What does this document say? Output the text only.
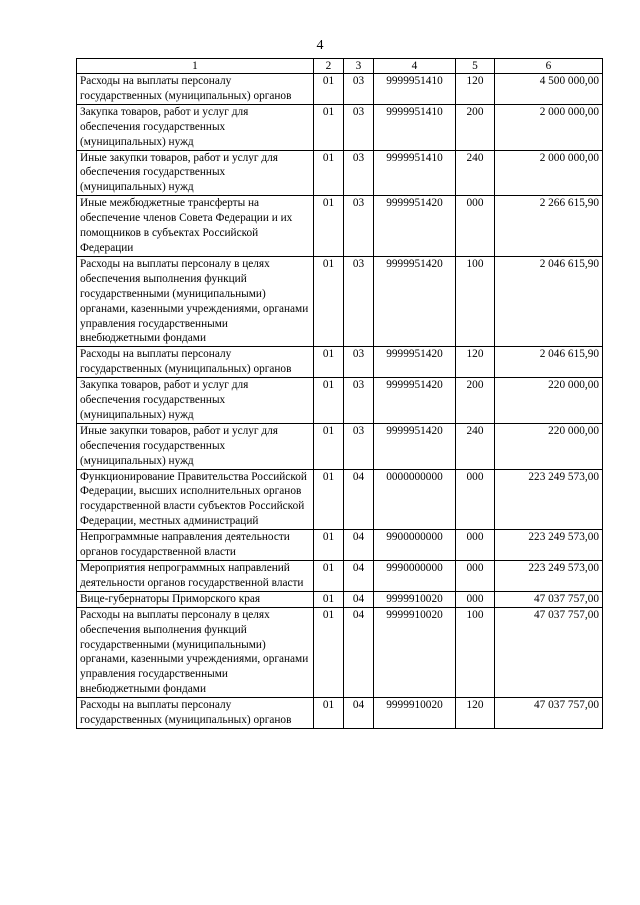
4
1	2	3	4	5	6
Расходы на выплаты персоналу государственных (муниципальных) органов	01	03	9999951410	120	4 500 000,00
Закупка товаров, работ и услуг для обеспечения государственных (муниципальных) нужд	01	03	9999951410	200	2 000 000,00
Иные закупки товаров, работ и услуг для обеспечения государственных (муниципальных) нужд	01	03	9999951410	240	2 000 000,00
Иные межбюджетные трансферты на обеспечение членов Совета Федерации и их помощников в субъектах Российской Федерации	01	03	9999951420	000	2 266 615,90
Расходы на выплаты персоналу в целях обеспечения выполнения функций государственными (муниципальными) органами, казенными учреждениями, органами управления государственными внебюджетными фондами	01	03	9999951420	100	2 046 615,90
Расходы на выплаты персоналу государственных (муниципальных) органов	01	03	9999951420	120	2 046 615,90
Закупка товаров, работ и услуг для обеспечения государственных (муниципальных) нужд	01	03	9999951420	200	220 000,00
Иные закупки товаров, работ и услуг для обеспечения государственных (муниципальных) нужд	01	03	9999951420	240	220 000,00
Функционирование Правительства Российской Федерации, высших исполнительных органов государственной власти субъектов Российской Федерации, местных администраций	01	04	0000000000	000	223 249 573,00
Непрограммные направления деятельности органов государственной власти	01	04	9900000000	000	223 249 573,00
Мероприятия непрограммных направлений деятельности органов государственной власти	01	04	9990000000	000	223 249 573,00
Вице-губернаторы Приморского края	01	04	9999910020	000	47 037 757,00
Расходы на выплаты персоналу в целях обеспечения выполнения функций государственными (муниципальными) органами, казенными учреждениями, органами управления государственными внебюджетными фондами	01	04	9999910020	100	47 037 757,00
Расходы на выплаты персоналу государственных (муниципальных) органов	01	04	9999910020	120	47 037 757,00
